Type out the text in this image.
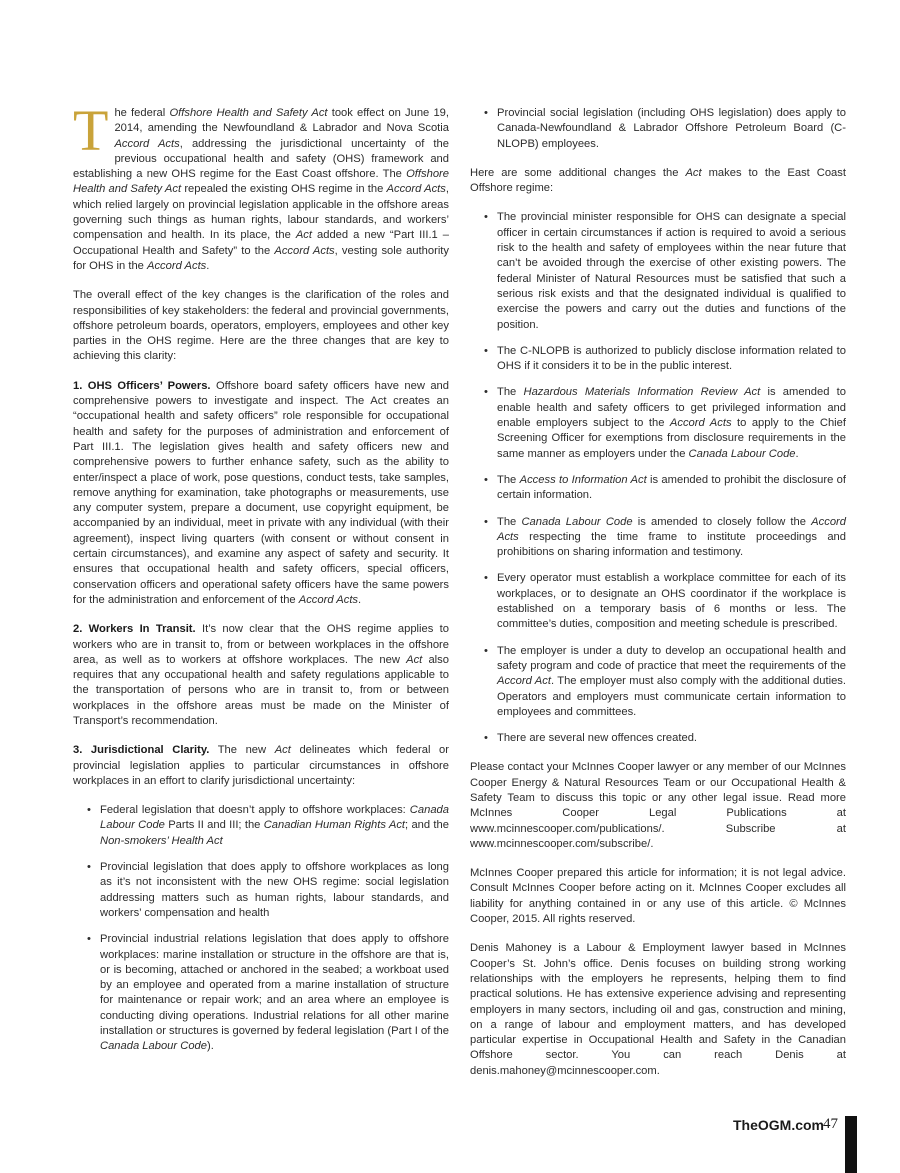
The federal Offshore Health and Safety Act took effect on June 19, 2014, amending the Newfoundland & Labrador and Nova Scotia Accord Acts, addressing the jurisdictional uncertainty of the previous occupational health and safety (OHS) framework and establishing a new OHS regime for the East Coast offshore. The Offshore Health and Safety Act repealed the existing OHS regime in the Accord Acts, which relied largely on provincial legislation applicable in the offshore areas governing such things as human rights, labour standards, and workers’ compensation and health. In its place, the Act added a new “Part III.1 – Occupational Health and Safety” to the Accord Acts, vesting sole authority for OHS in the Accord Acts.

The overall effect of the key changes is the clarification of the roles and responsibilities of key stakeholders: the federal and provincial governments, offshore petroleum boards, operators, employers, employees and other key parties in the OHS regime. Here are the three changes that are key to achieving this clarity:

1. OHS Officers’ Powers. Offshore board safety officers have new and comprehensive powers to investigate and inspect. The Act creates an “occupational health and safety officers” role responsible for occupational health and safety for the purposes of administration and enforcement of Part III.1. The legislation gives health and safety officers new and comprehensive powers to further enhance safety, such as the ability to enter/inspect a place of work, pose questions, conduct tests, take samples, remove anything for examination, take photographs or measurements, use any computer system, prepare a document, use copyright equipment, be accompanied by an individual, meet in private with any individual (with their agreement), inspect living quarters (with consent or without consent in certain circumstances), and examine any aspect of safety and security. It ensures that occupational health and safety officers, special officers, conservation officers and operational safety officers have the same powers for the administration and enforcement of the Accord Acts.

2. Workers In Transit. It’s now clear that the OHS regime applies to workers who are in transit to, from or between workplaces in the offshore area, as well as to workers at offshore workplaces. The new Act also requires that any occupational health and safety regulations applicable to the transportation of persons who are in transit to, from or between workplaces in the offshore areas must be made on the Minister of Transport’s recommendation.

3. Jurisdictional Clarity. The new Act delineates which federal or provincial legislation applies to particular circumstances in offshore workplaces in an effort to clarify jurisdictional uncertainty:

• Federal legislation that doesn’t apply to offshore workplaces: Canada Labour Code Parts II and III; the Canadian Human Rights Act; and the Non-smokers’ Health Act
• Provincial legislation that does apply to offshore workplaces as long as it’s not inconsistent with the new OHS regime: social legislation addressing matters such as human rights, labour standards, and workers’ compensation and health
• Provincial industrial relations legislation that does apply to offshore workplaces: marine installation or structure in the offshore are that is, or is becoming, attached or anchored in the seabed; a workboat used by an employee and operated from a marine installation of structure for maintenance or repair work; and an area where an employee is conducting diving operations. Industrial relations for all other marine installation or structures is governed by federal legislation (Part I of the Canada Labour Code).
• Provincial social legislation (including OHS legislation) does apply to Canada-Newfoundland & Labrador Offshore Petroleum Board (C-NLOPB) employees.

Here are some additional changes the Act makes to the East Coast Offshore regime:

• The provincial minister responsible for OHS can designate a special officer in certain circumstances if action is required to avoid a serious risk to the health and safety of employees within the near future that can’t be avoided through the exercise of other existing powers. The federal Minister of Natural Resources must be satisfied that such a serious risk exists and that the designated individual is qualified to exercise the powers and carry out the duties and functions of the position.
• The C-NLOPB is authorized to publicly disclose information related to OHS if it considers it to be in the public interest.
• The Hazardous Materials Information Review Act is amended to enable health and safety officers to get privileged information and enable employers subject to the Accord Acts to apply to the Chief Screening Officer for exemptions from disclosure requirements in the same manner as employers under the Canada Labour Code.
• The Access to Information Act is amended to prohibit the disclosure of certain information.
• The Canada Labour Code is amended to closely follow the Accord Acts respecting the time frame to institute proceedings and prohibitions on sharing information and testimony.
• Every operator must establish a workplace committee for each of its workplaces, or to designate an OHS coordinator if the workplace is established on a temporary basis of 6 months or less. The committee’s duties, composition and meeting schedule is prescribed.
• The employer is under a duty to develop an occupational health and safety program and code of practice that meet the requirements of the Accord Act. The employer must also comply with the additional duties. Operators and employers must communicate certain information to employees and committees.
• There are several new offences created.

Please contact your McInnes Cooper lawyer or any member of our McInnes Cooper Energy & Natural Resources Team or our Occupational Health & Safety Team to discuss this topic or any other legal issue. Read more McInnes Cooper Legal Publications at www.mcinnescooper.com/publications/. Subscribe at www.mcinnescooper.com/subscribe/.

McInnes Cooper prepared this article for information; it is not legal advice. Consult McInnes Cooper before acting on it. McInnes Cooper excludes all liability for anything contained in or any use of this article. © McInnes Cooper, 2015. All rights reserved.

Denis Mahoney is a Labour & Employment lawyer based in McInnes Cooper’s St. John’s office. Denis focuses on building strong working relationships with the employers he represents, helping them to find practical solutions. He has extensive experience advising and representing employers in many sectors, including oil and gas, construction and mining, on a range of labour and employment matters, and has developed particular expertise in Occupational Health and Safety in the Canadian Offshore sector. You can reach Denis at denis.mahoney@mcinnescooper.com.

TheOGM.com
47
